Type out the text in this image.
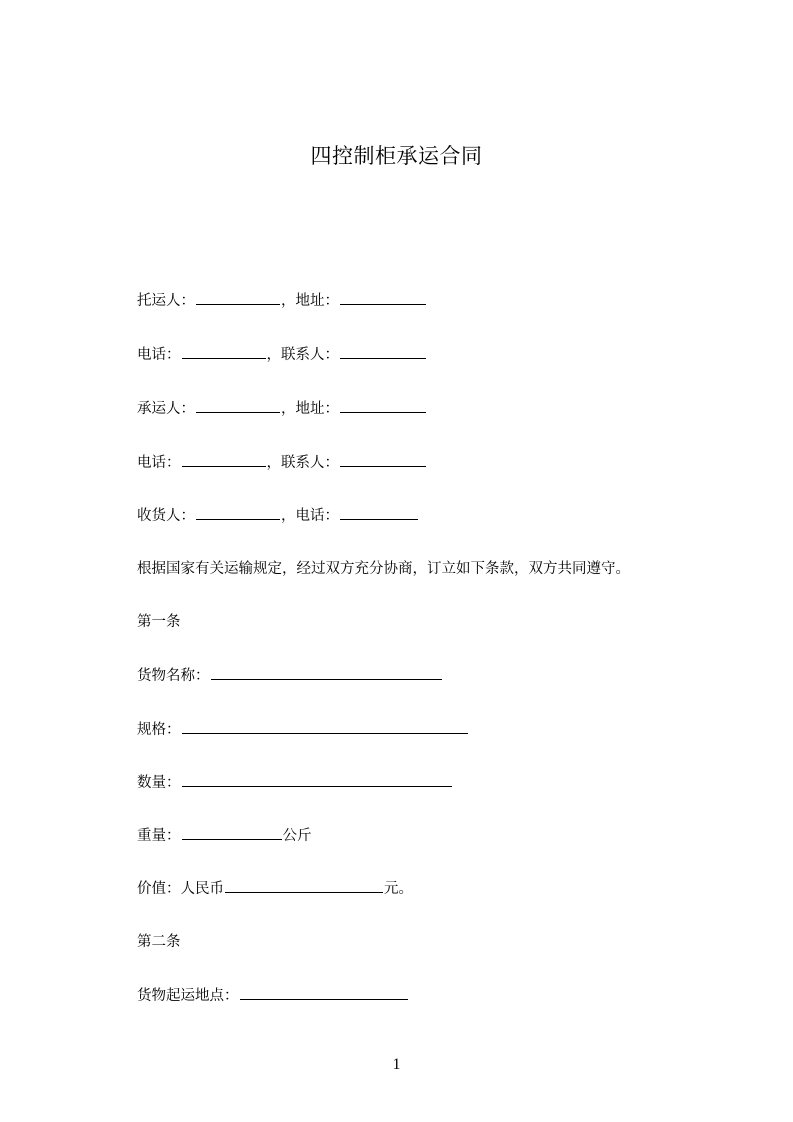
四控制柜承运合同
托运人：	，地址：
电话：	，联系人：
承运人：	，地址：
电话：	，联系人：
收货人：	，电话：
根据国家有关运输规定，经过双方充分协商，订立如下条款，双方共同遵守。
第一条
货物名称：
规格：
数量：
重量：	公斤
价值：人民币	元。
第二条
货物起运地点：
1
